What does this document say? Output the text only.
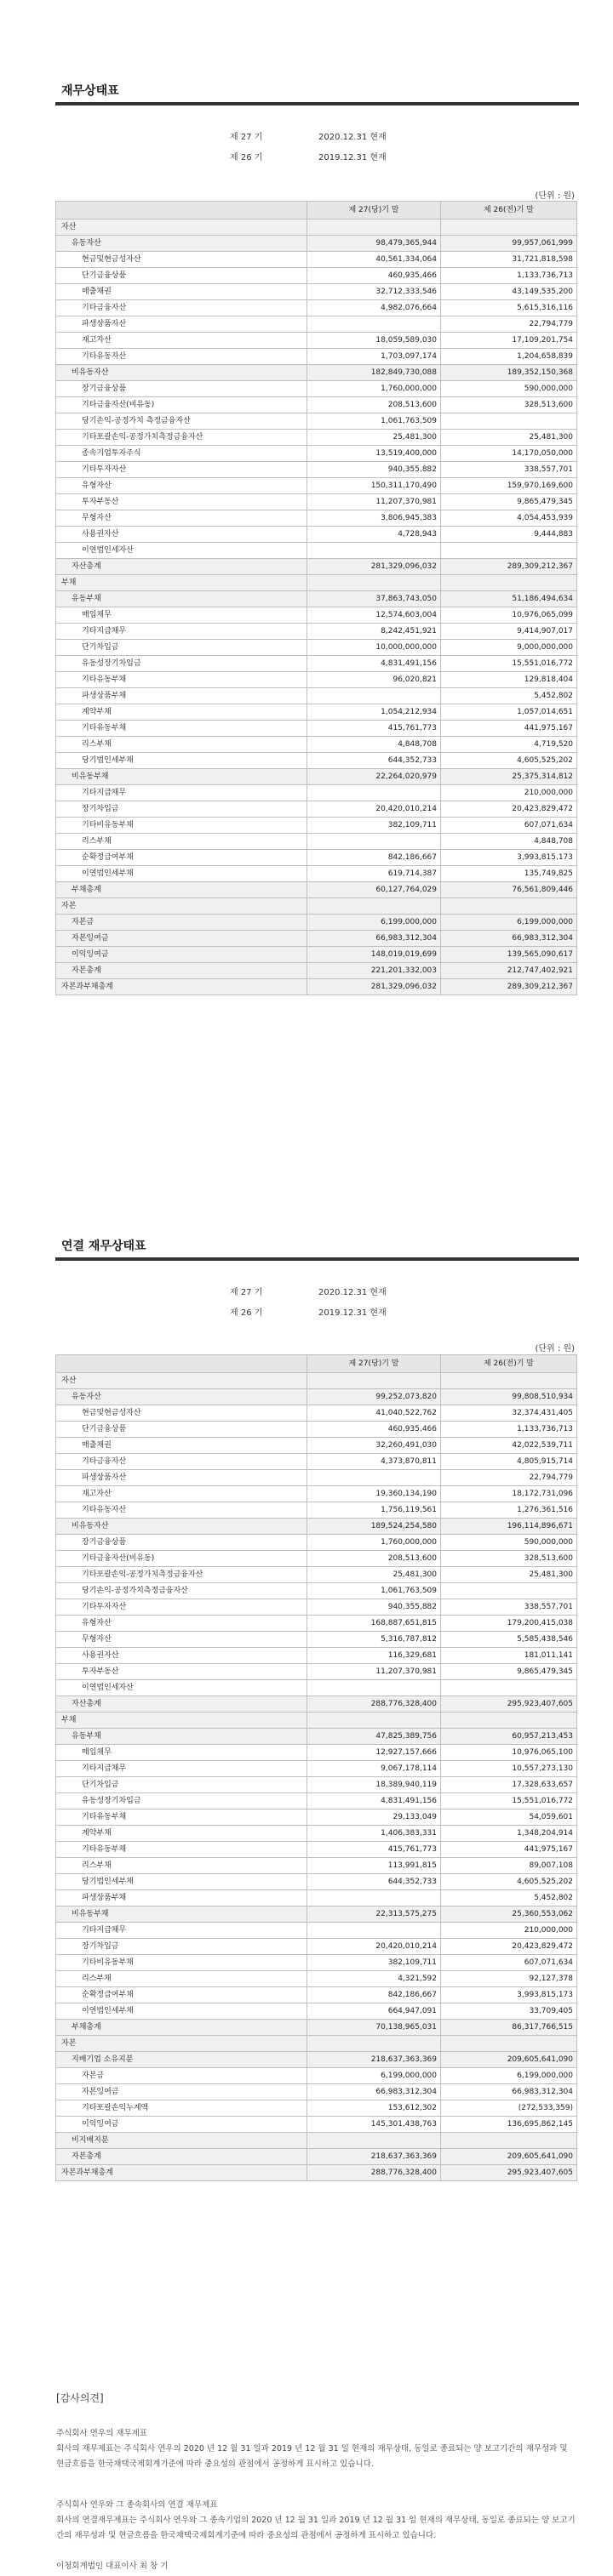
재무상태표
제 27 기	2020.12.31 현재
제 26 기	2019.12.31 현재
(단위 : 원)
	제 27(당)기 말	제 26(전)기 말
자산		
유동자산	98,479,365,944	99,957,061,999
현금및현금성자산	40,561,334,064	31,721,818,598
단기금융상품	460,935,466	1,133,736,713
매출채권	32,712,333,546	43,149,535,200
기타금융자산	4,982,076,664	5,615,316,116
파생상품자산		22,794,779
재고자산	18,059,589,030	17,109,201,754
기타유동자산	1,703,097,174	1,204,658,839
비유동자산	182,849,730,088	189,352,150,368
장기금융상품	1,760,000,000	590,000,000
기타금융자산(비유동)	208,513,600	328,513,600
당기손익-공정가치 측정금융자산	1,061,763,509	
기타포괄손익-공정가치측정금융자산	25,481,300	25,481,300
종속기업투자주식	13,519,400,000	14,170,050,000
기타투자자산	940,355,882	338,557,701
유형자산	150,311,170,490	159,970,169,600
투자부동산	11,207,370,981	9,865,479,345
무형자산	3,806,945,383	4,054,453,939
사용권자산	4,728,943	9,444,883
이연법인세자산		
자산총계	281,329,096,032	289,309,212,367
부채		
유동부채	37,863,743,050	51,186,494,634
매입채무	12,574,603,004	10,976,065,099
기타지급채무	8,242,451,921	9,414,907,017
단기차입금	10,000,000,000	9,000,000,000
유동성장기차입금	4,831,491,156	15,551,016,772
기타유동부채	96,020,821	129,818,404
파생상품부채		5,452,802
계약부채	1,054,212,934	1,057,014,651
기타유동부채	415,761,773	441,975,167
리스부채	4,848,708	4,719,520
당기법인세부채	644,352,733	4,605,525,202
비유동부채	22,264,020,979	25,375,314,812
기타지급채무		210,000,000
장기차입금	20,420,010,214	20,423,829,472
기타비유동부채	382,109,711	607,071,634
리스부채		4,848,708
순확정급여부채	842,186,667	3,993,815,173
이연법인세부채	619,714,387	135,749,825
부채총계	60,127,764,029	76,561,809,446
자본		
자본금	6,199,000,000	6,199,000,000
자본잉여금	66,983,312,304	66,983,312,304
이익잉여금	148,019,019,699	139,565,090,617
자본총계	221,201,332,003	212,747,402,921
자본과부채총계	281,329,096,032	289,309,212,367
연결 재무상태표
제 27 기	2020.12.31 현재
제 26 기	2019.12.31 현재
(단위 : 원)
	제 27(당)기 말	제 26(전)기 말
자산		
유동자산	99,252,073,820	99,808,510,934
현금및현금성자산	41,040,522,762	32,374,431,405
단기금융상품	460,935,466	1,133,736,713
매출채권	32,260,491,030	42,022,539,711
기타금융자산	4,373,870,811	4,805,915,714
파생상품자산		22,794,779
재고자산	19,360,134,190	18,172,731,096
기타유동자산	1,756,119,561	1,276,361,516
비유동자산	189,524,254,580	196,114,896,671
장기금융상품	1,760,000,000	590,000,000
기타금융자산(비유동)	208,513,600	328,513,600
기타포괄손익-공정가치측정금융자산	25,481,300	25,481,300
당기손익-공정가치측정금융자산	1,061,763,509	
기타투자자산	940,355,882	338,557,701
유형자산	168,887,651,815	179,200,415,038
무형자산	5,316,787,812	5,585,438,546
사용권자산	116,329,681	181,011,141
투자부동산	11,207,370,981	9,865,479,345
이연법인세자산		
자산총계	288,776,328,400	295,923,407,605
부채		
유동부채	47,825,389,756	60,957,213,453
매입채무	12,927,157,666	10,976,065,100
기타지급채무	9,067,178,114	10,557,273,130
단기차입금	18,389,940,119	17,328,633,657
유동성장기차입금	4,831,491,156	15,551,016,772
기타유동부채	29,133,049	54,059,601
계약부채	1,406,383,331	1,348,204,914
기타유동부채	415,761,773	441,975,167
리스부채	113,991,815	89,007,108
당기법인세부채	644,352,733	4,605,525,202
파생상품부채		5,452,802
비유동부채	22,313,575,275	25,360,553,062
기타지급채무		210,000,000
장기차입금	20,420,010,214	20,423,829,472
기타비유동부채	382,109,711	607,071,634
리스부채	4,321,592	92,127,378
순확정급여부채	842,186,667	3,993,815,173
이연법인세부채	664,947,091	33,709,405
부채총계	70,138,965,031	86,317,766,515
자본		
지배기업 소유지분	218,637,363,369	209,605,641,090
자본금	6,199,000,000	6,199,000,000
자본잉여금	66,983,312,304	66,983,312,304
기타포괄손익누계액	153,612,302	(272,533,359)
이익잉여금	145,301,438,763	136,695,862,145
비지배지분		
자본총계	218,637,363,369	209,605,641,090
자본과부채총계	288,776,328,400	295,923,407,605
[감사의견]

주식회사 연우의 재무제표

회사의 재무제표는 주식회사 연우의 2020 년 12 월 31 일과 2019 년 12 월 31 일 현재의 재무상태, 동일로 종료되는 양 보고기간의 재무성과 및 현금흐름을 한국채택국제회계기준에 따라 중요성의 관점에서 공정하게 표시하고 있습니다.

주식회사 연우와 그 종속회사의 연결 재무제표

회사의 연결재무제표는 주식회사 연우와 그 종속기업의 2020 년 12 월 31 일과 2019 년 12 월 31 일 현재의 재무상태, 동일로 종료되는 양 보고기간의 재무성과 및 현금흐름을 한국채택국제회계기준에 따라 중요성의 관점에서 공정하게 표시하고 있습니다.

이청회계법인 대표이사 최 창 기
